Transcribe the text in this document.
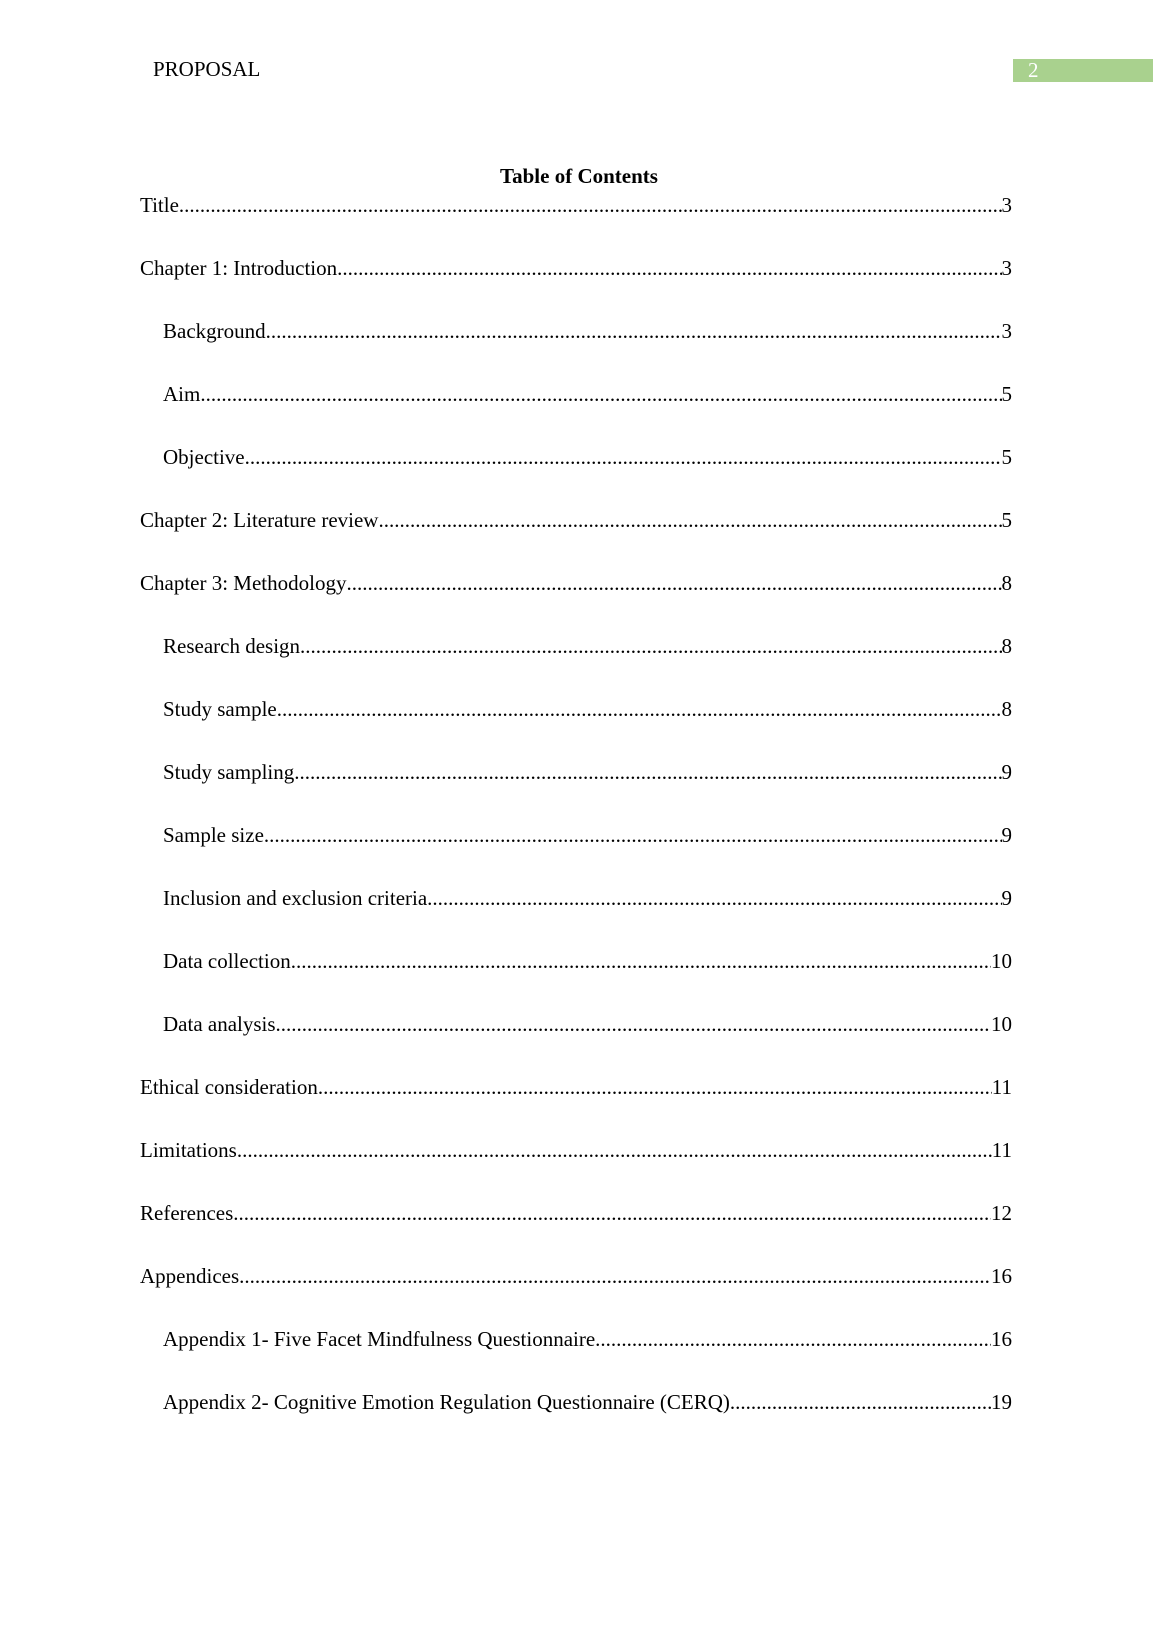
PROPOSAL	2
Table of Contents
Title .....	3
Chapter 1: Introduction .....	3
Background .....	3
Aim .....	5
Objective .....	5
Chapter 2: Literature review .....	5
Chapter 3: Methodology .....	8
Research design .....	8
Study sample .....	8
Study sampling .....	9
Sample size .....	9
Inclusion and exclusion criteria .....	9
Data collection .....	10
Data analysis .....	10
Ethical consideration .....	11
Limitations .....	11
References .....	12
Appendices .....	16
Appendix 1- Five Facet Mindfulness Questionnaire .....	16
Appendix 2- Cognitive Emotion Regulation Questionnaire (CERQ) .....	19
